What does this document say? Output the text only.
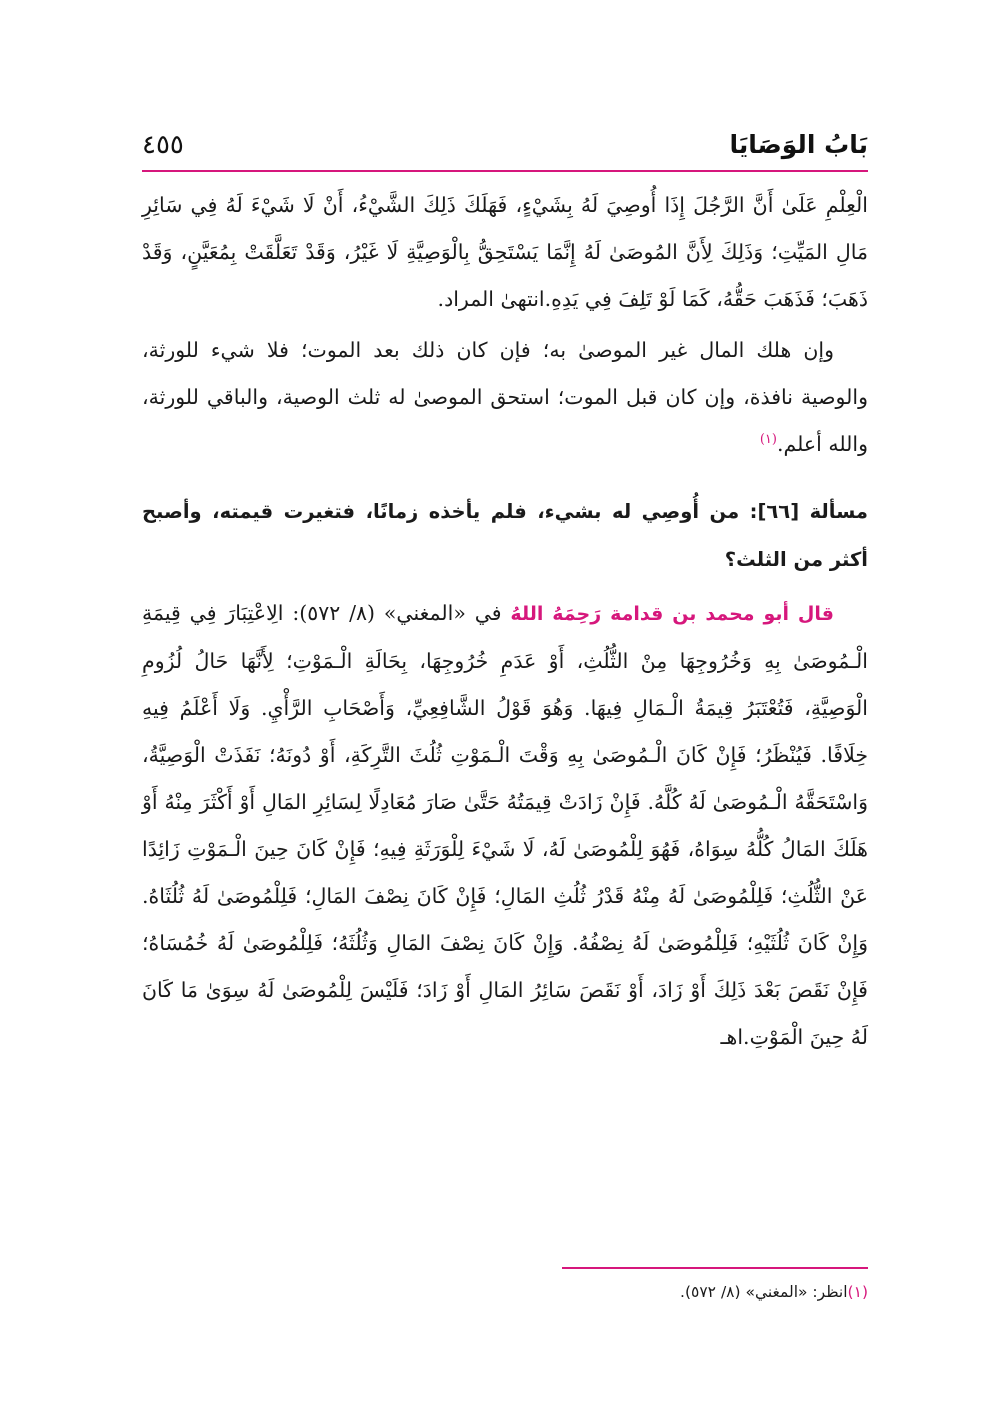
بَابُ الوَصَايَا
٤٥٥

الْعِلْمِ عَلَىٰ أَنَّ الرَّجُلَ إِذَا أُوصِيَ لَهُ بِشَيْءٍ، فَهَلَكَ ذَلِكَ الشَّيْءُ، أَنْ لَا شَيْءَ لَهُ فِي سَائِرِ مَالِ المَيِّتِ؛ وَذَلِكَ لِأَنَّ المُوصَىٰ لَهُ إِنَّمَا يَسْتَحِقُّ بِالْوَصِيَّةِ لَا غَيْرُ، وَقَدْ تَعَلَّقَتْ بِمُعَيَّنٍ، وَقَدْ ذَهَبَ؛ فَذَهَبَ حَقُّهُ، كَمَا لَوْ تَلِفَ فِي يَدِهِ.انتهىٰ المراد.

وإن هلك المال غير الموصىٰ به؛ فإن كان ذلك بعد الموت؛ فلا شيء للورثة، والوصية نافذة، وإن كان قبل الموت؛ استحق الموصىٰ له ثلث الوصية، والباقي للورثة، والله أعلم.$^{(١)}$

مسألة [٦٦]: من أُوصِي له بشيء، فلم يأخذه زمانًا، فتغيرت قيمته، وأصبح أكثر من الثلث؟

قال أبو محمد بن قدامة رَحِمَهُ اللهُ في «المغني» (٨/ ٥٧٢): الِاعْتِبَارَ فِي قِيمَةِ الْـمُوصَىٰ بِهِ وَخُرُوجِهَا مِنْ الثُّلُثِ، أَوْ عَدَمِ خُرُوجِهَا، بِحَالَةِ الْـمَوْتِ؛ لِأَنَّهَا حَالُ لُزُومِ الْوَصِيَّةِ، فَتُعْتَبَرُ قِيمَةُ الْـمَالِ فِيهَا. وَهُوَ قَوْلُ الشَّافِعِيِّ، وَأَصْحَابِ الرَّأْيِ. وَلَا أَعْلَمُ فِيهِ خِلَافًا. فَيُنْظَرُ؛ فَإِنْ كَانَ الْـمُوصَىٰ بِهِ وَقْتَ الْـمَوْتِ ثُلُثَ التَّرِكَةِ، أَوْ دُونَهُ؛ نَفَذَتْ الْوَصِيَّةُ، وَاسْتَحَقَّهُ الْـمُوصَىٰ لَهُ كُلَّهُ. فَإِنْ زَادَتْ قِيمَتُهُ حَتَّىٰ صَارَ مُعَادِلًا لِسَائِرِ المَالِ أَوْ أَكْثَرَ مِنْهُ أَوْ هَلَكَ المَالُ كُلُّهُ سِوَاهُ، فَهُوَ لِلْمُوصَىٰ لَهُ، لَا شَيْءَ لِلْوَرَثَةِ فِيهِ؛ فَإِنْ كَانَ حِينَ الْـمَوْتِ زَائِدًا عَنْ الثُّلُثِ؛ فَلِلْمُوصَىٰ لَهُ مِنْهُ قَدْرُ ثُلُثِ المَالِ؛ فَإِنْ كَانَ نِصْفَ المَالِ؛ فَلِلْمُوصَىٰ لَهُ ثُلُثَاهُ. وَإِنْ كَانَ ثُلُثَيْهِ؛ فَلِلْمُوصَىٰ لَهُ نِصْفُهُ. وَإِنْ كَانَ نِصْفَ المَالِ وَثُلُثَهُ؛ فَلِلْمُوصَىٰ لَهُ خُمُسَاهُ؛ فَإِنْ نَقَصَ بَعْدَ ذَلِكَ أَوْ زَادَ، أَوْ نَقَصَ سَائِرُ المَالِ أَوْ زَادَ؛ فَلَيْسَ لِلْمُوصَىٰ لَهُ سِوَىٰ مَا كَانَ لَهُ حِينَ الْمَوْتِ.اهـ

(١)انظر: «المغني» (٨/ ٥٧٢).
